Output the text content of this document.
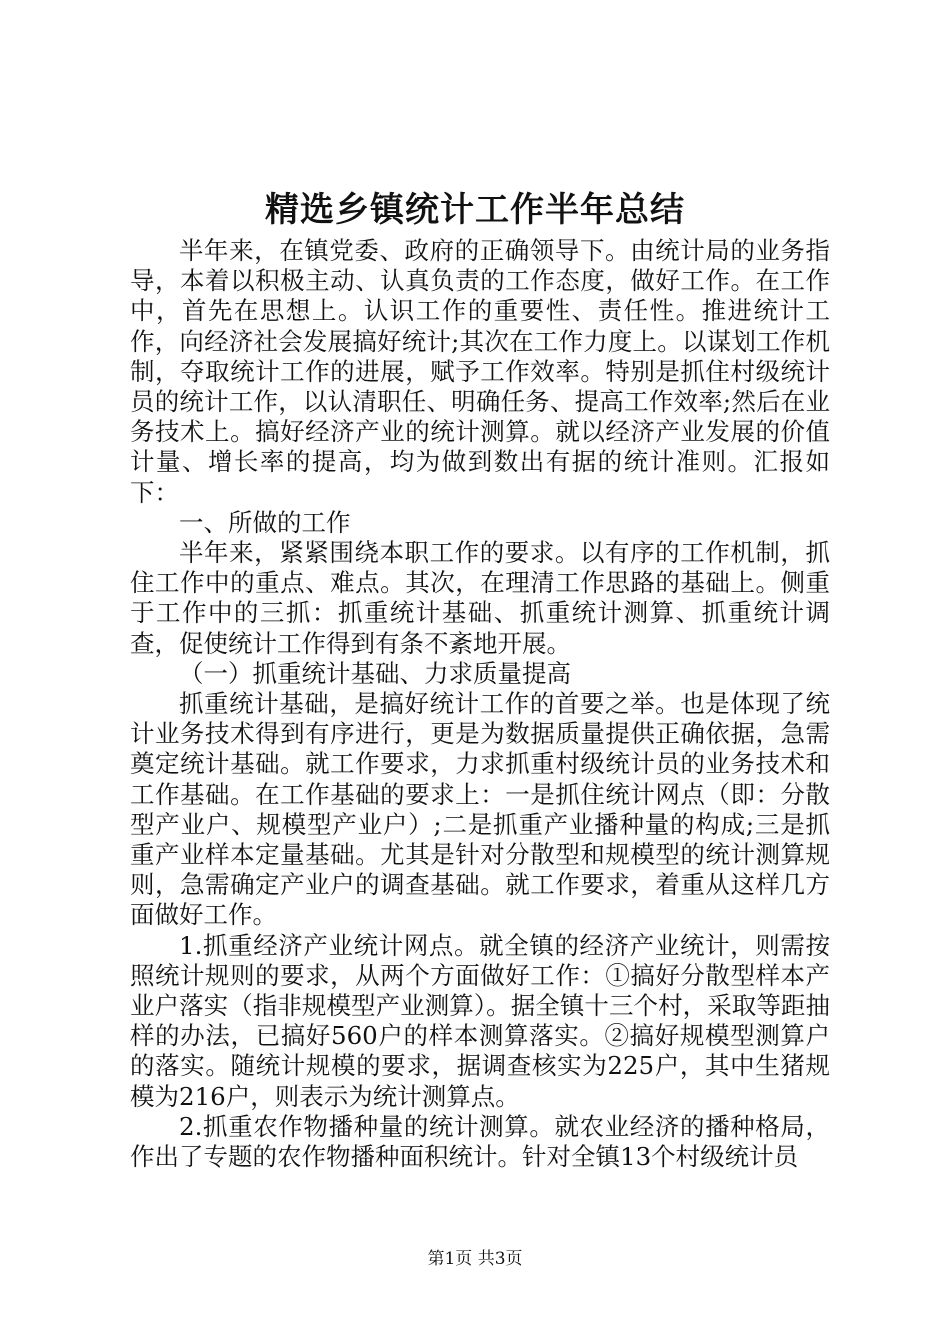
精选乡镇统计工作半年总结

半年来，在镇党委、政府的正确领导下。由统计局的业务指导，本着以积极主动、认真负责的工作态度，做好工作。在工作中，首先在思想上。认识工作的重要性、责任性。推进统计工作，向经济社会发展搞好统计;其次在工作力度上。以谋划工作机制，夺取统计工作的进展，赋予工作效率。特别是抓住村级统计员的统计工作，以认清职任、明确任务、提高工作效率;然后在业务技术上。搞好经济产业的统计测算。就以经济产业发展的价值计量、增长率的提高，均为做到数出有据的统计准则。汇报如下：

一、所做的工作

半年来，紧紧围绕本职工作的要求。以有序的工作机制，抓住工作中的重点、难点。其次，在理清工作思路的基础上。侧重于工作中的三抓：抓重统计基础、抓重统计测算、抓重统计调查，促使统计工作得到有条不紊地开展。

（一）抓重统计基础、力求质量提高

抓重统计基础，是搞好统计工作的首要之举。也是体现了统计业务技术得到有序进行，更是为数据质量提供正确依据，急需奠定统计基础。就工作要求，力求抓重村级统计员的业务技术和工作基础。在工作基础的要求上：一是抓住统计网点（即：分散型产业户、规模型产业户）;二是抓重产业播种量的构成;三是抓重产业样本定量基础。尤其是针对分散型和规模型的统计测算规则，急需确定产业户的调查基础。就工作要求，着重从这样几方面做好工作。

1.抓重经济产业统计网点。就全镇的经济产业统计，则需按照统计规则的要求，从两个方面做好工作：①搞好分散型样本产业户落实（指非规模型产业测算）。据全镇十三个村，采取等距抽样的办法，已搞好560户的样本测算落实。②搞好规模型测算户的落实。随统计规模的要求，据调查核实为225户，其中生猪规模为216户，则表示为统计测算点。

2.抓重农作物播种量的统计测算。就农业经济的播种格局，作出了专题的农作物播种面积统计。针对全镇13个村级统计员

第1页 共3页
